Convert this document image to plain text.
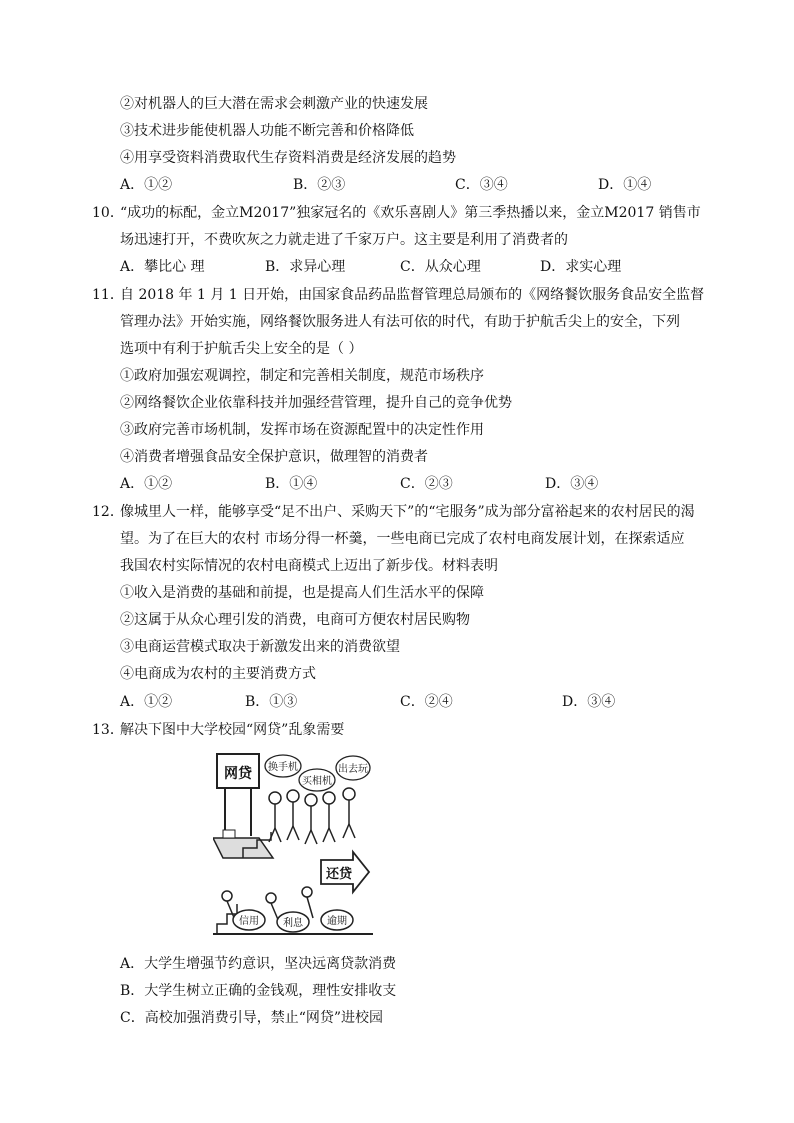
②对机器人的巨大潜在需求会刺激产业的快速发展
③技术进步能使机器人功能不断完善和价格降低
④用享受资料消费取代生存资料消费是经济发展的趋势
A．①②	B．②③	C．③④	D．①④
10．
“成功的标配，金立M2017”独家冠名的《欢乐喜剧人》第三季热播以来，金立M2017 销售市
场迅速打开，不费吹灰之力就走进了千家万户。这主要是利用了消费者的
A．攀比心 理	B．求异心理	C．从众心理	D．求实心理
11．
自 2018 年 1 月 1 日开始，由国家食品药品监督管理总局颁布的《网络餐饮服务食品安全监督
管理办法》开始实施，网络餐饮服务进人有法可依的时代，有助于护航舌尖上的安全，下列
选项中有利于护航舌尖上安全的是（ ）
①政府加强宏观调控，制定和完善相关制度，规范市场秩序
②网络餐饮企业依靠科技并加强经营管理，提升自己的竞争优势
③政府完善市场机制，发挥市场在资源配置中的决定性作用
④消费者增强食品安全保护意识，做理智的消费者
A．①②	B．①④	C．②③	D．③④
12．
像城里人一样，能够享受“足不出户、采购天下”的“宅服务”成为部分富裕起来的农村居民的渴
望。为了在巨大的农村 市场分得一杯羹，一些电商已完成了农村电商发展计划，在探索适应
我国农村实际情况的农村电商模式上迈出了新步伐。材料表明
①收入是消费的基础和前提，也是提高人们生活水平的保障
②这属于从众心理引发的消费，电商可方便农村居民购物
③电商运营模式取决于新激发出来的消费欲望
④电商成为农村的主要消费方式
A．①②	B．①③	C．②④	D．③④
13．
解决下图中大学校园“网贷”乱象需要
网贷 换手机
买相机
出去玩
还贷
信用 利息 逾期
A．大学生增强节约意识，坚决远离贷款消费
B．大学生树立正确的金钱观，理性安排收支
C．高校加强消费引导，禁止“网贷”进校园
